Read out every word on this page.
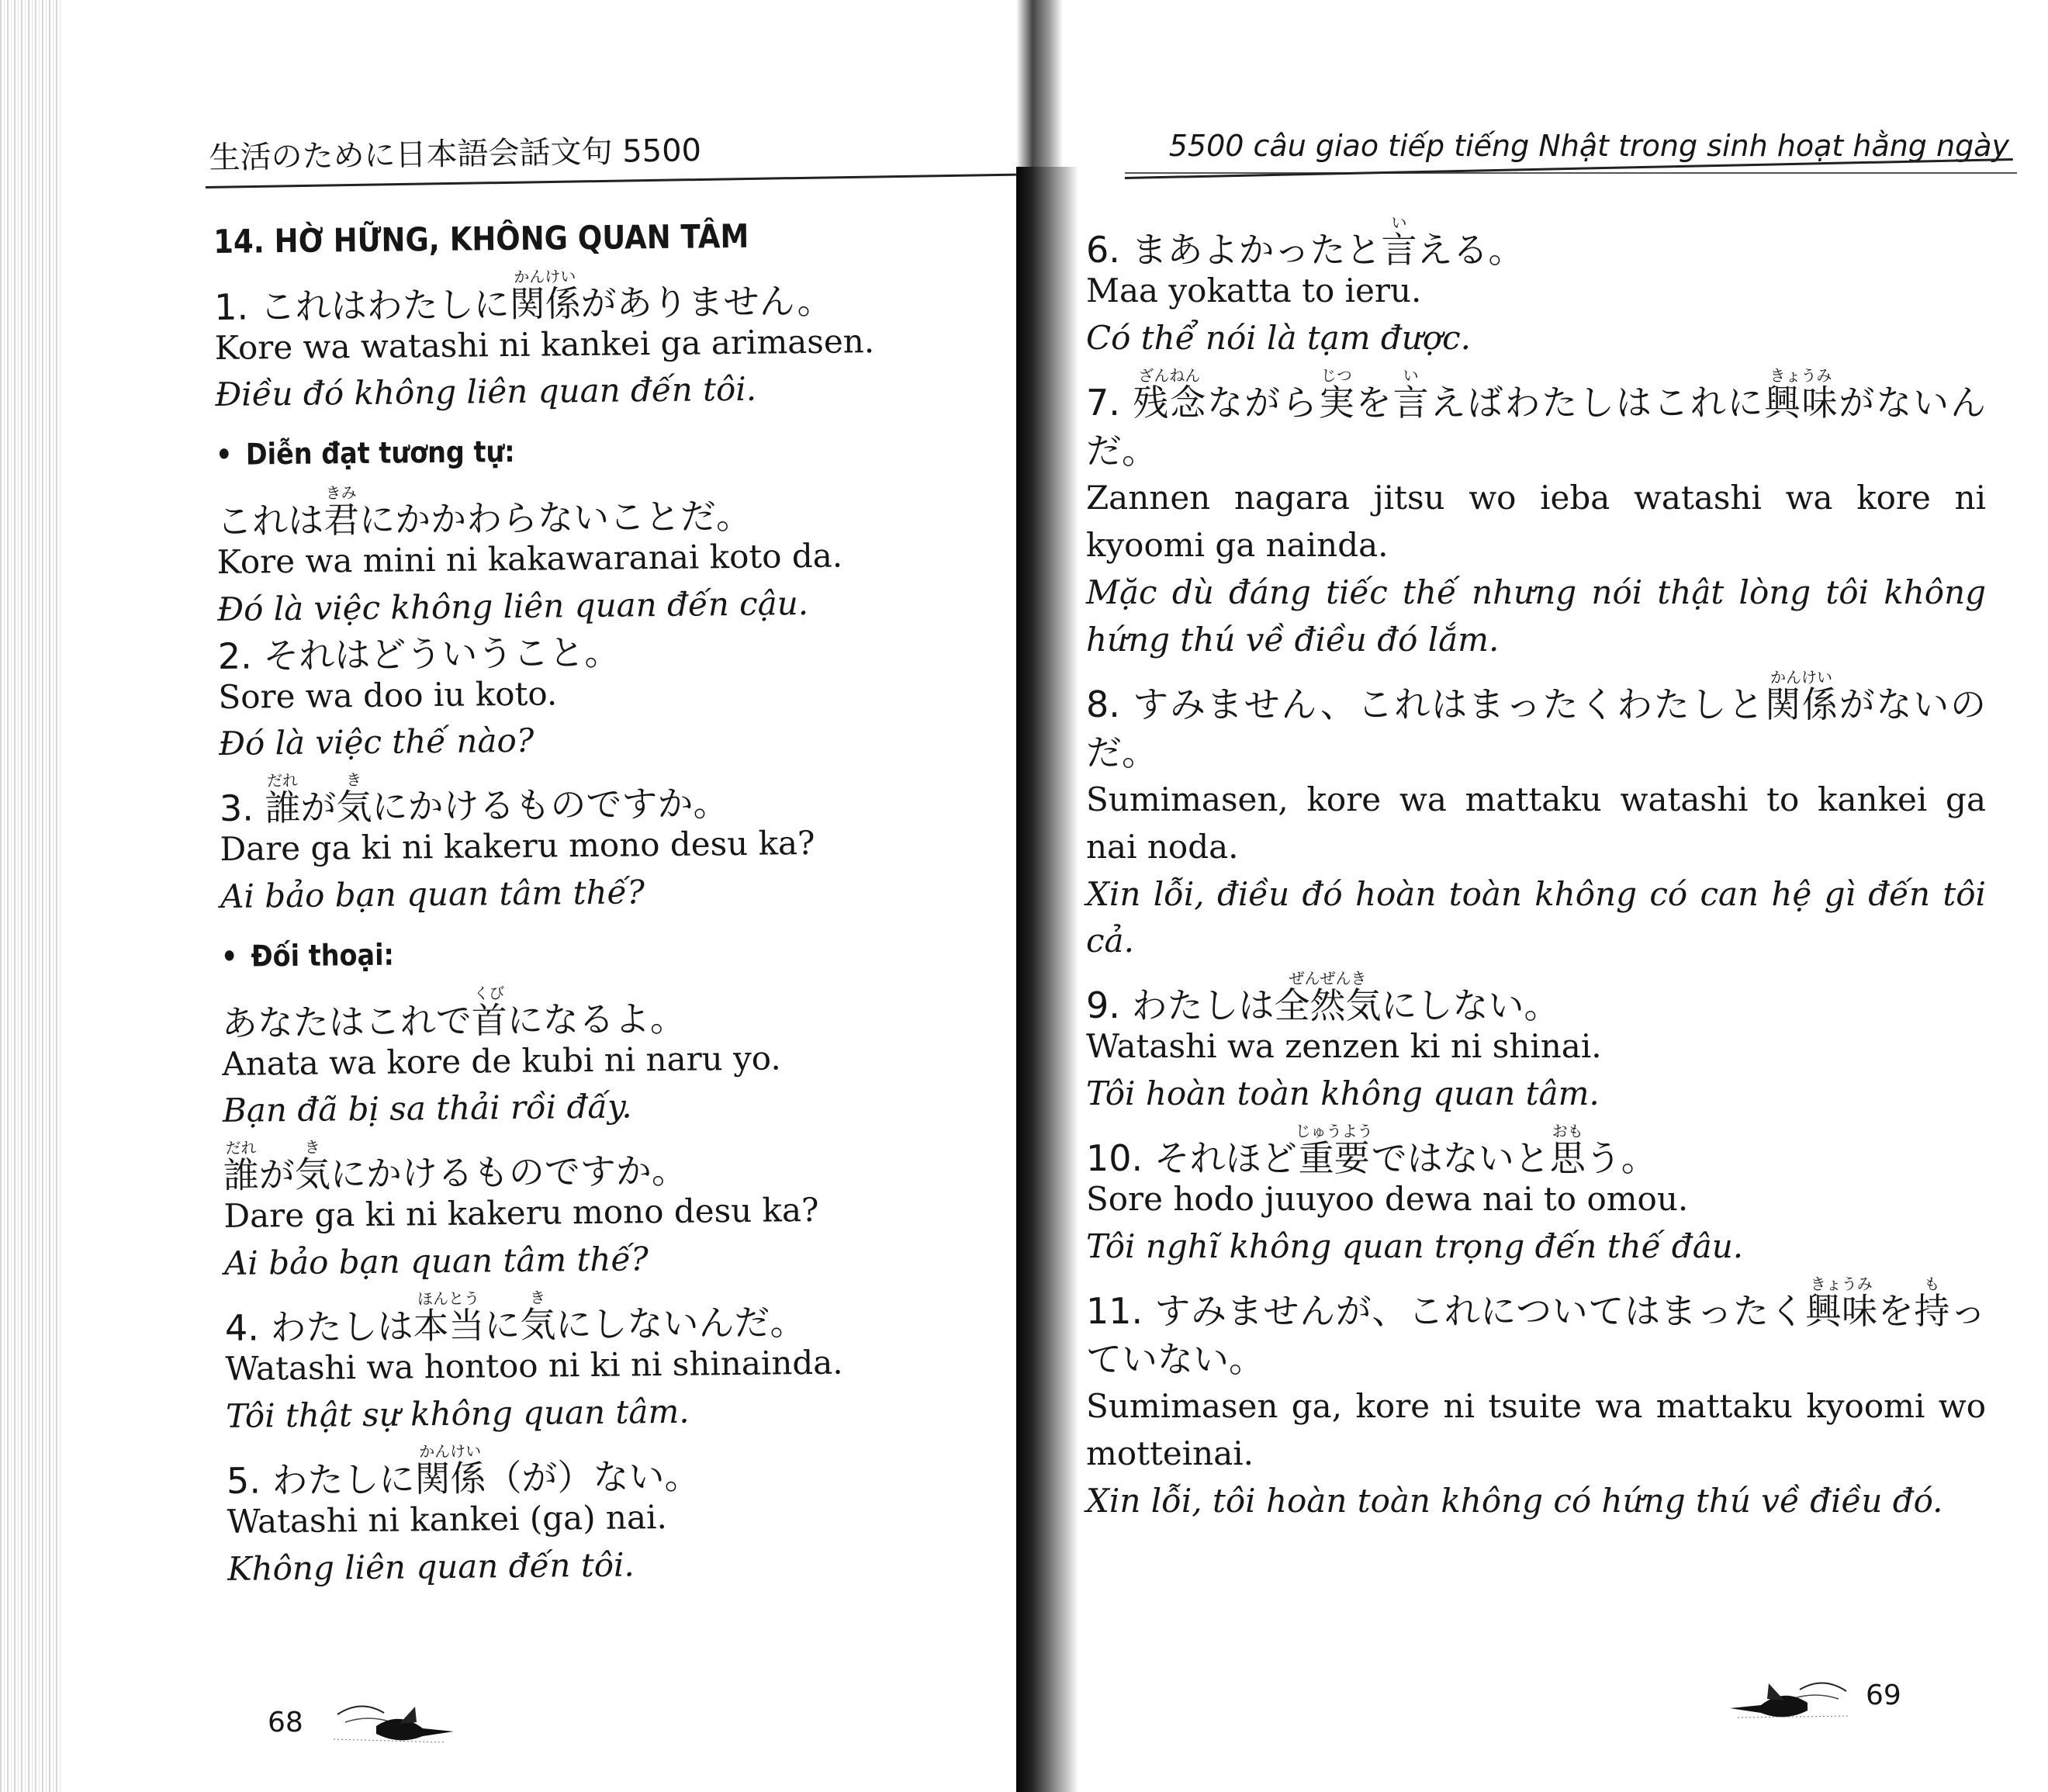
生活のために日本語会話文句 5500
14. HỜ HỮNG, KHÔNG QUAN TÂM
1. これはわたしに関係かんけいがありません。
Kore wa watashi ni kankei ga arimasen.
Điều đó không liên quan đến tôi.
• Diễn đạt tương tự:
これは君きみにかかわらないことだ。
Kore wa mini ni kakawaranai koto da.
Đó là việc không liên quan đến cậu.
2. それはどういうこと。
Sore wa doo iu koto.
Đó là việc thế nào?
3. 誰だれが気きにかけるものですか。
Dare ga ki ni kakeru mono desu ka?
Ai bảo bạn quan tâm thế?
• Đối thoại:
あなたはこれで首くびになるよ。
Anata wa kore de kubi ni naru yo.
Bạn đã bị sa thải rồi đấy.
誰だれが気きにかけるものですか。
Dare ga ki ni kakeru mono desu ka?
Ai bảo bạn quan tâm thế?
4. わたしは本当ほんとうに気きにしないんだ。
Watashi wa hontoo ni ki ni shinainda.
Tôi thật sự không quan tâm.
5. わたしに関係かんけい（が）ない。
Watashi ni kankei (ga) nai.
Không liên quan đến tôi.
68
5500 câu giao tiếp tiếng Nhật trong sinh hoạt hằng ngày
6. まあよかったと言いえる。
Maa yokatta to ieru.
Có thể nói là tạm được.
7. 残念ざんねんながら実じつを言いえばわたしはこれに興味きょうみがないんだ。
Zannen nagara jitsu wo ieba watashi wa kore ni kyoomi ga nainda.
Mặc dù đáng tiếc thế nhưng nói thật lòng tôi không hứng thú về điều đó lắm.
8. すみません、これはまったくわたしと関係かんけいがないのだ。
Sumimasen, kore wa mattaku watashi to kankei ga nai noda.
Xin lỗi, điều đó hoàn toàn không có can hệ gì đến tôi cả.
9. わたしは全然気ぜんぜんきにしない。
Watashi wa zenzen ki ni shinai.
Tôi hoàn toàn không quan tâm.
10. それほど重要じゅうようではないと思おもう。
Sore hodo juuyoo dewa nai to omou.
Tôi nghĩ không quan trọng đến thế đâu.
11. すみませんが、これについてはまったく興味きょうみを持もっていない。
Sumimasen ga, kore ni tsuite wa mattaku kyoomi wo motteinai.
Xin lỗi, tôi hoàn toàn không có hứng thú về điều đó.
69
